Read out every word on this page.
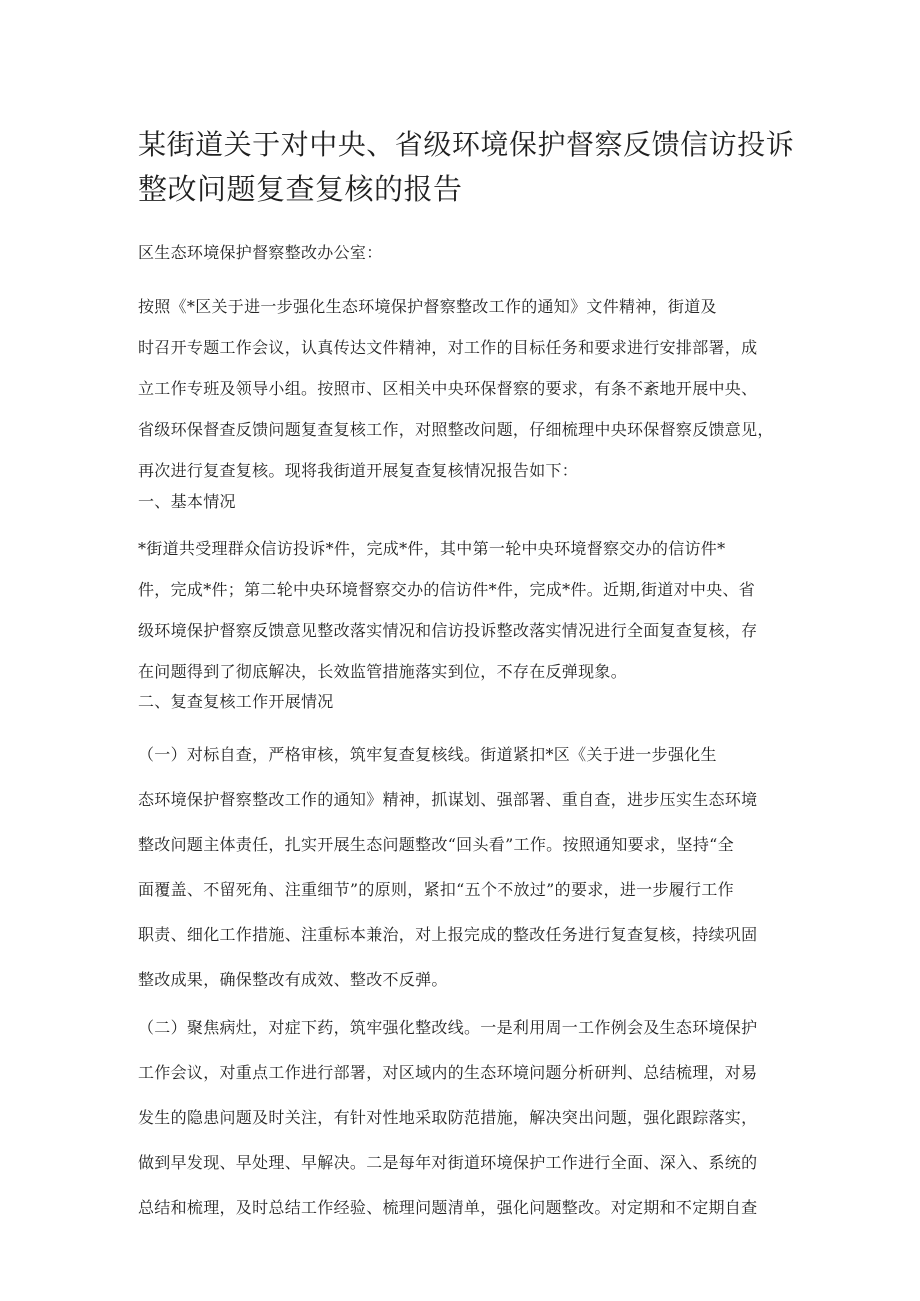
某街道关于对中央、省级环境保护督察反馈信访投诉
整改问题复查复核的报告
区生态环境保护督察整改办公室：
按照《*区关于进一步强化生态环境保护督察整改工作的通知》文件精神，街道及
时召开专题工作会议，认真传达文件精神，对工作的目标任务和要求进行安排部署，成
立工作专班及领导小组。按照市、区相关中央环保督察的要求，有条不紊地开展中央、
省级环保督查反馈问题复查复核工作，对照整改问题，仔细梳理中央环保督察反馈意见，
再次进行复查复核。现将我街道开展复查复核情况报告如下：
一、基本情况
*街道共受理群众信访投诉*件，完成*件，其中第一轮中央环境督察交办的信访件*
件，完成*件；第二轮中央环境督察交办的信访件*件，完成*件。近期,街道对中央、省
级环境保护督察反馈意见整改落实情况和信访投诉整改落实情况进行全面复查复核，存
在问题得到了彻底解决，长效监管措施落实到位，不存在反弹现象。
二、复查复核工作开展情况
（一）对标自查，严格审核，筑牢复查复核线。街道紧扣*区《关于进一步强化生
态环境保护督察整改工作的通知》精神，抓谋划、强部署、重自查，进步压实生态环境
整改问题主体责任，扎实开展生态问题整改“回头看”工作。按照通知要求，坚持“全
面覆盖、不留死角、注重细节”的原则，紧扣“五个不放过”的要求，进一步履行工作
职责、细化工作措施、注重标本兼治，对上报完成的整改任务进行复查复核，持续巩固
整改成果，确保整改有成效、整改不反弹。
（二）聚焦病灶，对症下药，筑牢强化整改线。一是利用周一工作例会及生态环境保护
工作会议，对重点工作进行部署，对区域内的生态环境问题分析研判、总结梳理，对易
发生的隐患问题及时关注，有针对性地采取防范措施，解决突出问题，强化跟踪落实，
做到早发现、早处理、早解决。二是每年对街道环境保护工作进行全面、深入、系统的
总结和梳理，及时总结工作经验、梳理问题清单，强化问题整改。对定期和不定期自查
